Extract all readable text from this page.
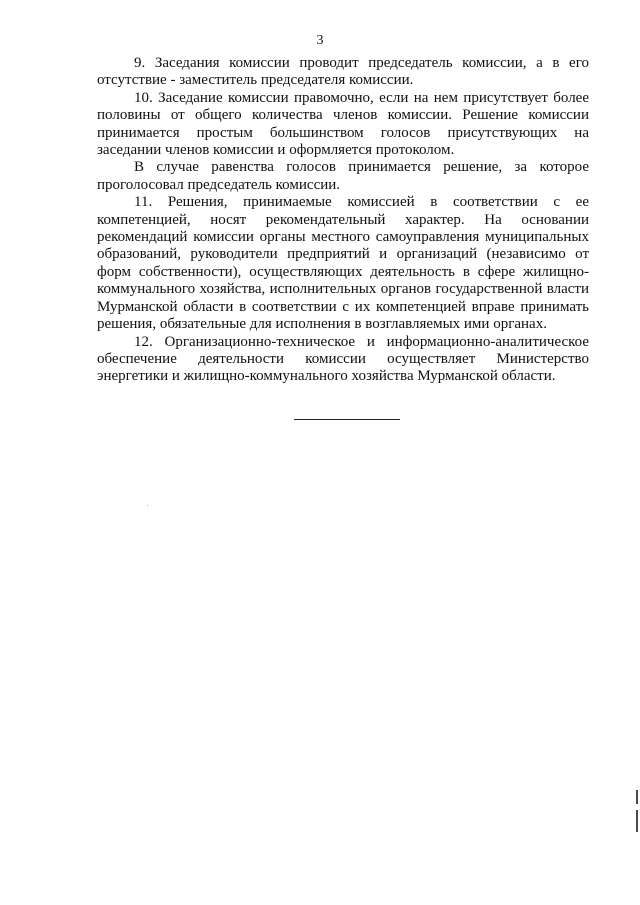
3

9. Заседания комиссии проводит председатель комиссии, а в его отсутствие - заместитель председателя комиссии.

10. Заседание комиссии правомочно, если на нем присутствует более половины от общего количества членов комиссии. Решение комиссии принимается простым большинством голосов присутствующих на заседании членов комиссии и оформляется протоколом.

В случае равенства голосов принимается решение, за которое проголосовал председатель комиссии.

11. Решения, принимаемые комиссией в соответствии с ее компетенцией, носят рекомендательный характер. На основании рекомендаций комиссии органы местного самоуправления муниципальных образований, руководители предприятий и организаций (независимо от форм собственности), осуществляющих деятельность в сфере жилищно-коммунального хозяйства, исполнительных органов государственной власти Мурманской области в соответствии с их компетенцией вправе принимать решения, обязательные для исполнения в возглавляемых ими органах.

12. Организационно-техническое и информационно-аналитическое обеспечение деятельности комиссии осуществляет Министерство энергетики и жилищно-коммунального хозяйства Мурманской области.
